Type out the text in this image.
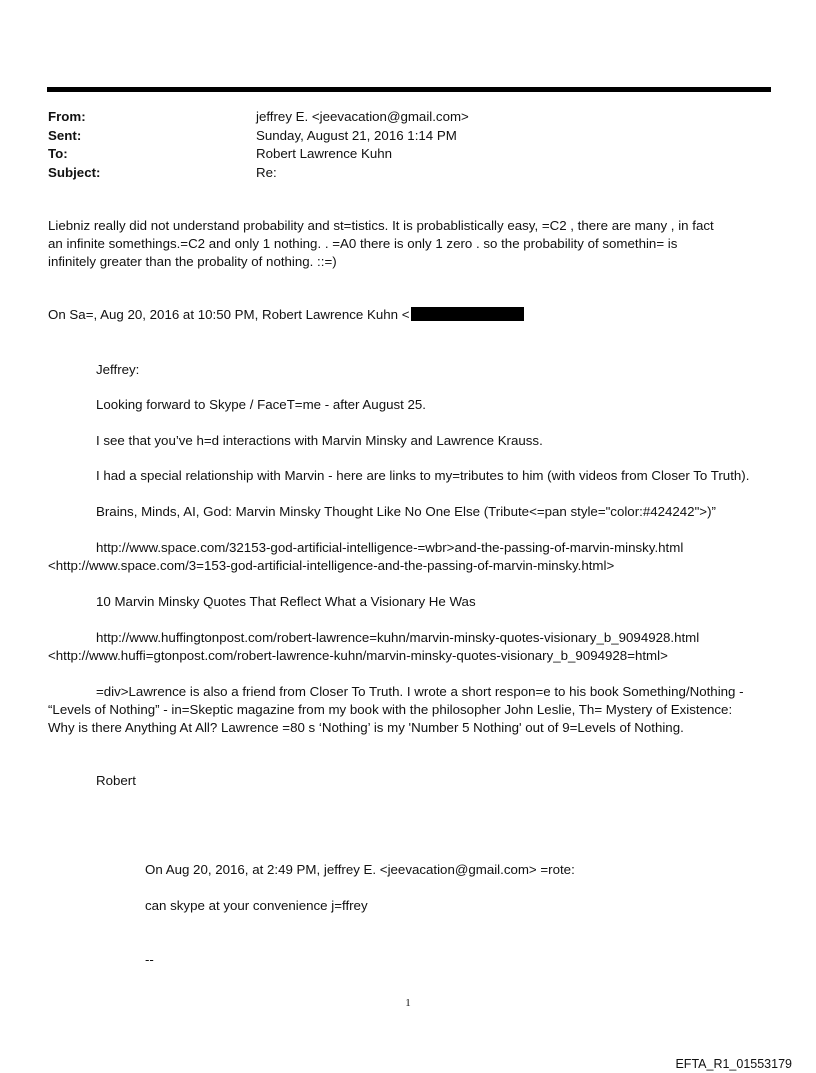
From:	jeffrey E. <jeevacation@gmail.com>
Sent:	Sunday, August 21, 2016 1:14 PM
To:	Robert Lawrence Kuhn
Subject:	Re:
Liebniz really did not understand probability and st=tistics. It is probablistically easy, =C2 , there are many , in fact
an infinite somethings.=C2 and only 1 nothing. . =A0 there is only 1 zero . so the probability of somethin= is
infinitely greater than the probality of nothing. ::=)
On Sa=, Aug 20, 2016 at 10:50 PM, Robert Lawrence Kuhn <
Jeffrey:
Looking forward to Skype / FaceT=me - after August 25.
I see that you’ve h=d interactions with Marvin Minsky and Lawrence Krauss.
I had a special relationship with Marvin - here are links to my=tributes to him (with videos from Closer To Truth).
Brains, Minds, AI, God: Marvin Minsky Thought Like No One Else (Tribute<=pan style="color:#424242">)”
http://www.space.com/32153-god-artificial-intelligence-=wbr>and-the-passing-of-marvin-minsky.html
<http://www.space.com/3=153-god-artificial-intelligence-and-the-passing-of-marvin-minsky.html>
10 Marvin Minsky Quotes That Reflect What a Visionary He Was
http://www.huffingtonpost.com/robert-lawrence=kuhn/marvin-minsky-quotes-visionary_b_9094928.html
<http://www.huffi=gtonpost.com/robert-lawrence-kuhn/marvin-minsky-quotes-visionary_b_9094928=html>
=div>Lawrence is also a friend from Closer To Truth. I wrote a short respon=e to his book Something/Nothing -
“Levels of Nothing” - in=Skeptic magazine from my book with the philosopher John Leslie, Th= Mystery of Existence:
Why is there Anything At All? Lawrence =80 s ‘Nothing’ is my 'Number 5 Nothing' out of 9=Levels of Nothing.
Robert
On Aug 20, 2016, at 2:49 PM, jeffrey E. <jeevacation@gmail.com> =rote:
can skype at your convenience j=ffrey
--
1
EFTA_R1_01553179
